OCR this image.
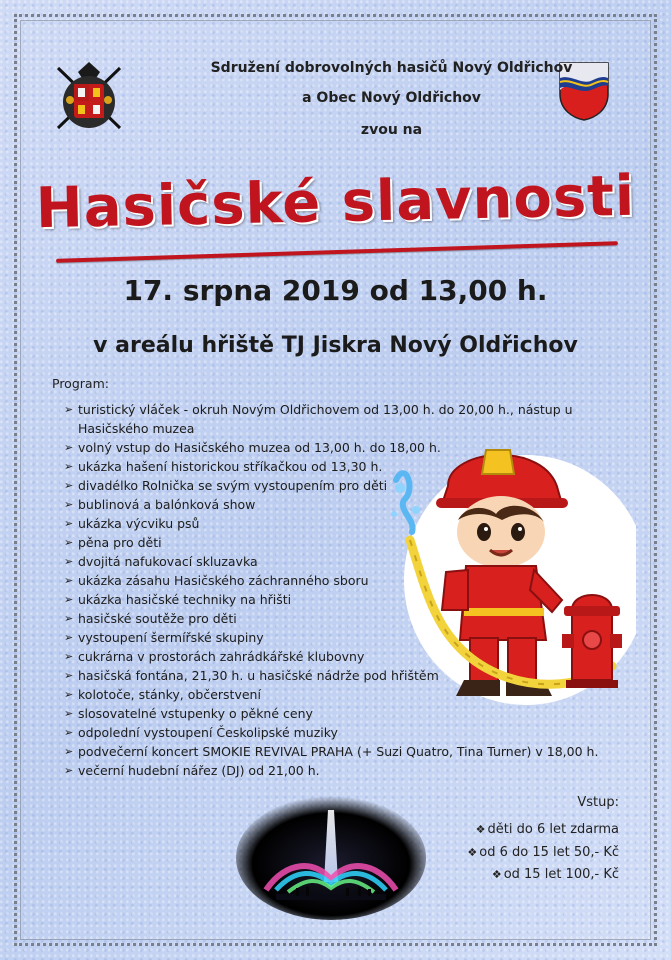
Sdružení dobrovolných hasičů Nový Oldřichov
a Obec Nový Oldřichov
zvou na
Hasičské slavnosti
17. srpna 2019 od 13,00 h.
v areálu hřiště TJ Jiskra Nový Oldřichov
Program:
➢ turistický vláček - okruh Novým Oldřichovem od 13,00 h. do 20,00 h., nástup u Hasičského muzea
➢ volný vstup do Hasičského muzea od 13,00 h. do 18,00 h.
➢ ukázka hašení historickou stříkačkou od 13,30 h.
➢ divadélko Rolnička se svým vystoupením pro děti
➢ bublinová a balónková show
➢ ukázka výcviku psů
➢ pěna pro děti
➢ dvojitá nafukovací skluzavka
➢ ukázka zásahu Hasičského záchranného sboru
➢ ukázka hasičské techniky na hřišti
➢ hasičské soutěže pro děti
➢ vystoupení šermířské skupiny
➢ cukrárna v prostorách zahrádkářské klubovny
➢ hasičská fontána, 21,30 h. u hasičské nádrže pod hřištěm
➢ kolotoče, stánky, občerstvení
➢ slosovatelné vstupenky o pěkné ceny
➢ odpolední vystoupení Českolipské muziky
➢ podvečerní koncert SMOKIE REVIVAL PRAHA (+ Suzi Quatro, Tina Turner) v 18,00 h.
➢ večerní hudební nářez (DJ) od 21,00 h.
Vstup:
❖ děti do 6 let zdarma
❖ od 6 do 15 let 50,- Kč
❖ od 15 let 100,- Kč
